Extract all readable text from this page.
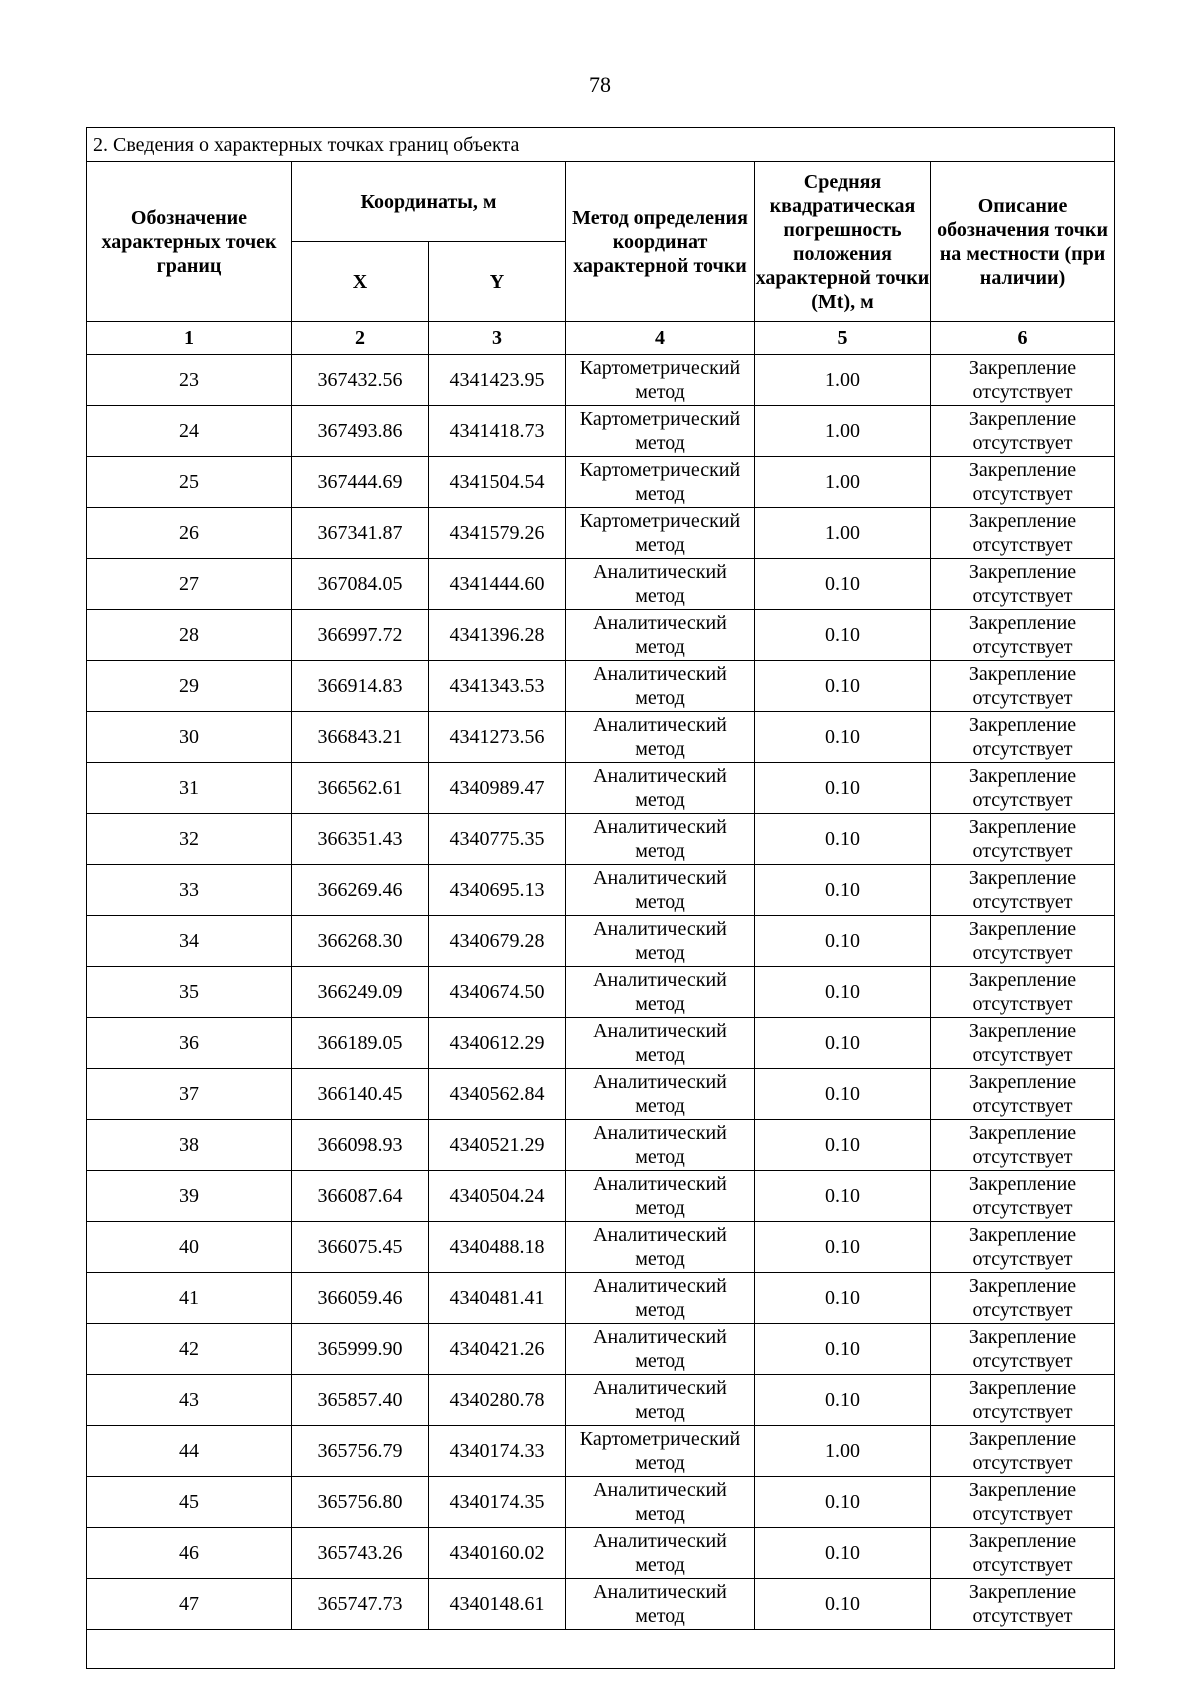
78
2. Сведения о характерных точках границ объекта					
Обозначение характерных точек границ	Координаты, м		Метод определения координат характерной точки	Средняя квадратическая погрешность положения характерной точки (Mt), м	Описание обозначения точки на местности (при наличии)
	X	Y			
1	2	3	4	5	6
23	367432.56	4341423.95	Картометрический метод	1.00	Закрепление отсутствует
24	367493.86	4341418.73	Картометрический метод	1.00	Закрепление отсутствует
25	367444.69	4341504.54	Картометрический метод	1.00	Закрепление отсутствует
26	367341.87	4341579.26	Картометрический метод	1.00	Закрепление отсутствует
27	367084.05	4341444.60	Аналитический метод	0.10	Закрепление отсутствует
28	366997.72	4341396.28	Аналитический метод	0.10	Закрепление отсутствует
29	366914.83	4341343.53	Аналитический метод	0.10	Закрепление отсутствует
30	366843.21	4341273.56	Аналитический метод	0.10	Закрепление отсутствует
31	366562.61	4340989.47	Аналитический метод	0.10	Закрепление отсутствует
32	366351.43	4340775.35	Аналитический метод	0.10	Закрепление отсутствует
33	366269.46	4340695.13	Аналитический метод	0.10	Закрепление отсутствует
34	366268.30	4340679.28	Аналитический метод	0.10	Закрепление отсутствует
35	366249.09	4340674.50	Аналитический метод	0.10	Закрепление отсутствует
36	366189.05	4340612.29	Аналитический метод	0.10	Закрепление отсутствует
37	366140.45	4340562.84	Аналитический метод	0.10	Закрепление отсутствует
38	366098.93	4340521.29	Аналитический метод	0.10	Закрепление отсутствует
39	366087.64	4340504.24	Аналитический метод	0.10	Закрепление отсутствует
40	366075.45	4340488.18	Аналитический метод	0.10	Закрепление отсутствует
41	366059.46	4340481.41	Аналитический метод	0.10	Закрепление отсутствует
42	365999.90	4340421.26	Аналитический метод	0.10	Закрепление отсутствует
43	365857.40	4340280.78	Аналитический метод	0.10	Закрепление отсутствует
44	365756.79	4340174.33	Картометрический метод	1.00	Закрепление отсутствует
45	365756.80	4340174.35	Аналитический метод	0.10	Закрепление отсутствует
46	365743.26	4340160.02	Аналитический метод	0.10	Закрепление отсутствует
47	365747.73	4340148.61	Аналитический метод	0.10	Закрепление отсутствует
